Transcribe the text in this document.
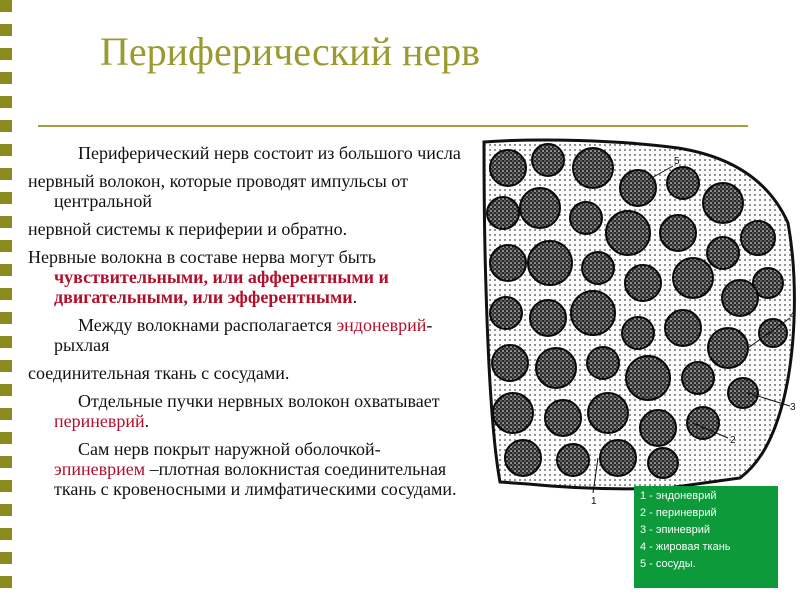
Периферический нерв

Периферический нерв состоит из большого числа

нервный волокон, которые проводят импульсы от центральной

нервной системы к периферии и обратно.

Нервные волокна в составе нерва могут быть чувствительными, или афферентными и двигательными, или эфферентными.

Между волокнами располагается эндоневрий- рыхлая

соединительная ткань с сосудами.

Отдельные пучки нервных волокон охватывает периневрий.

Сам нерв покрыт наружной оболочкой-эпиневрием –плотная волокнистая соединительная ткань с кровеносными и лимфатическими сосудами.

5
4
3
2
1	1 - эндоневрий
2 - периневрий
3 - эпиневрий
4 - жировая ткань
5 - сосуды.
